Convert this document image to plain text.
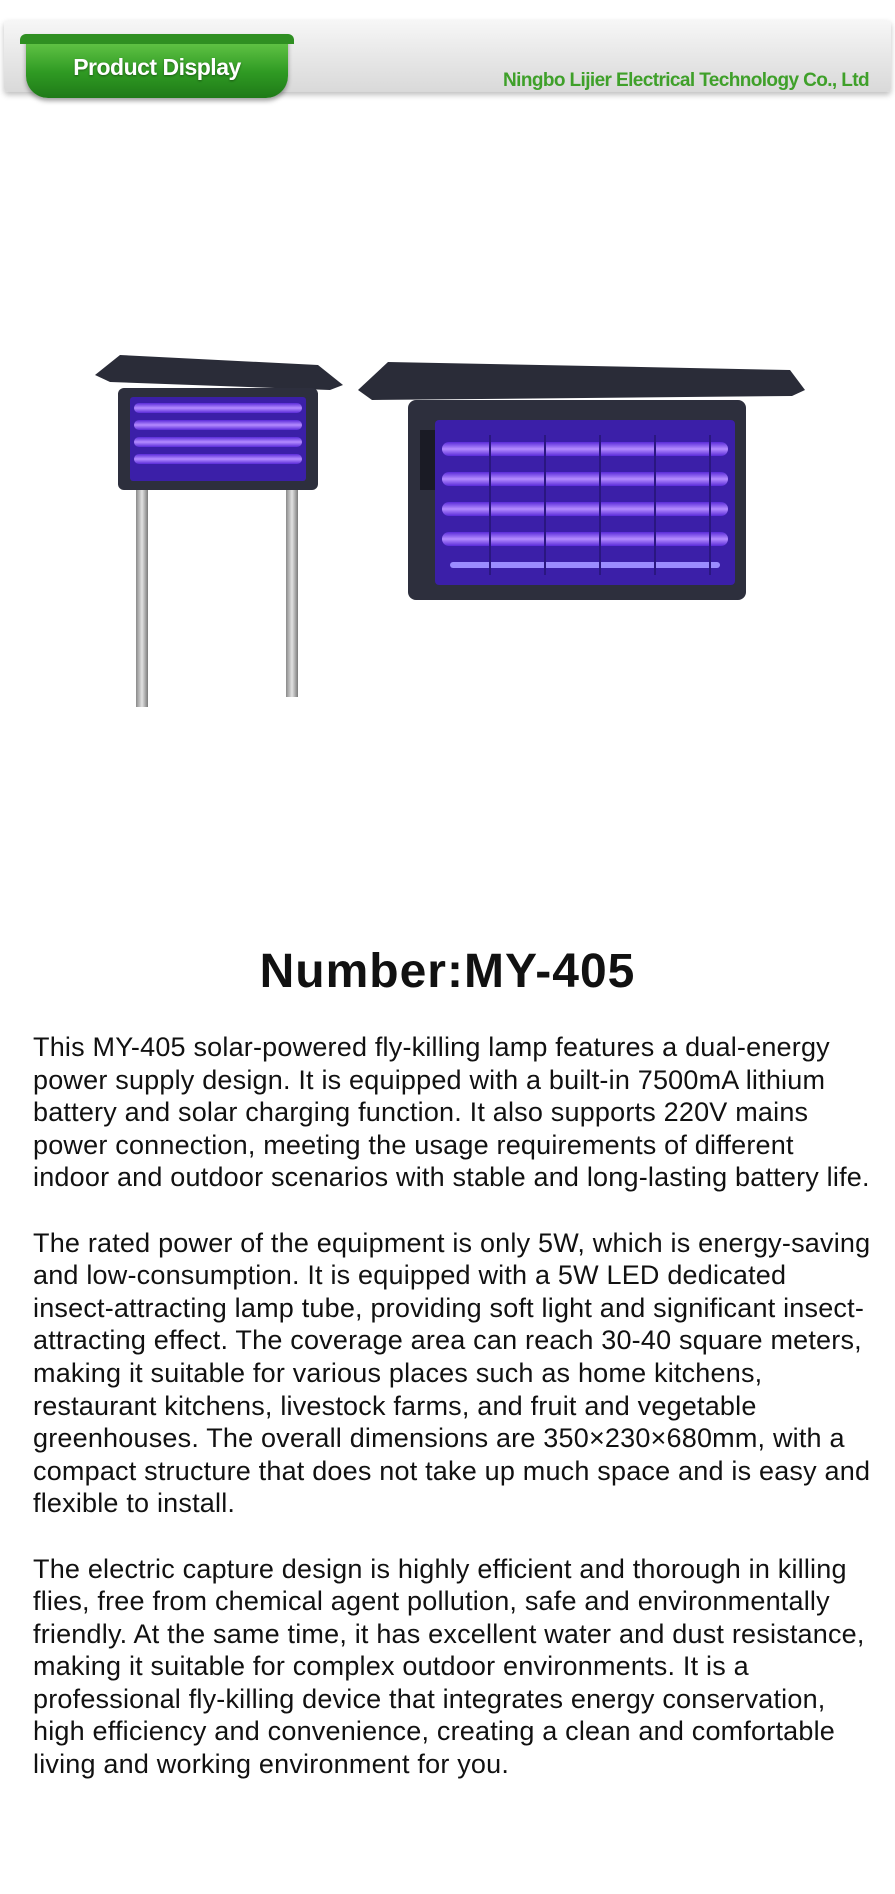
Product Display
Ningbo Lijier Electrical Technology Co., Ltd
Number:MY-405

This MY-405 solar-powered fly-killing lamp features a dual-energy power supply design. It is equipped with a built-in 7500mA lithium battery and solar charging function. It also supports 220V mains power connection, meeting the usage requirements of different indoor and outdoor scenarios with stable and long-lasting battery life.

The rated power of the equipment is only 5W, which is energy-saving and low-consumption. It is equipped with a 5W LED dedicated insect-attracting lamp tube, providing soft light and significant insect-attracting effect. The coverage area can reach 30-40 square meters, making it suitable for various places such as home kitchens, restaurant kitchens, livestock farms, and fruit and vegetable greenhouses. The overall dimensions are 350×230×680mm, with a compact structure that does not take up much space and is easy and flexible to install.

The electric capture design is highly efficient and thorough in killing flies, free from chemical agent pollution, safe and environmentally friendly. At the same time, it has excellent water and dust resistance, making it suitable for complex outdoor environments. It is a professional fly-killing device that integrates energy conservation, high efficiency and convenience, creating a clean and comfortable living and working environment for you.
